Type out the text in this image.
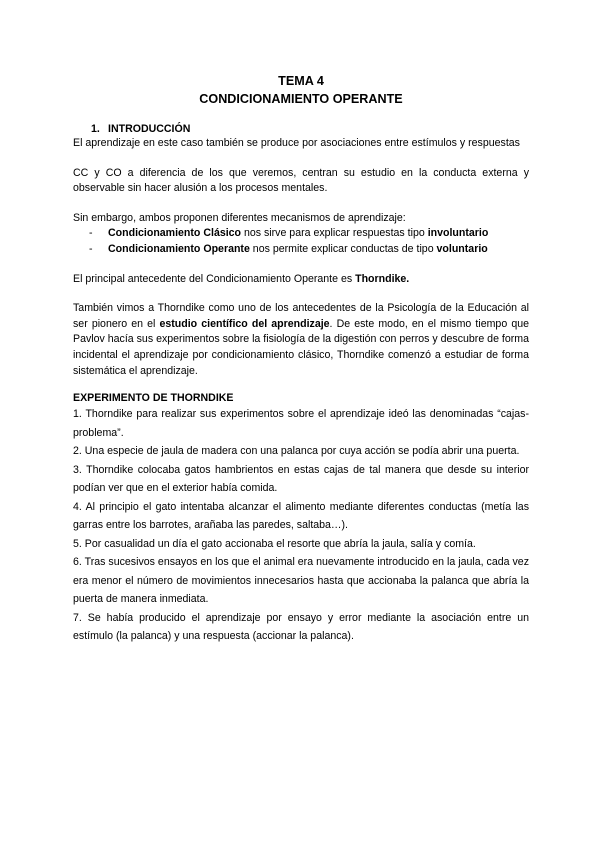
TEMA 4
CONDICIONAMIENTO OPERANTE
1. INTRODUCCIÓN

El aprendizaje en este caso también se produce por asociaciones entre estímulos y respuestas

CC y CO a diferencia de los que veremos, centran su estudio en la conducta externa y observable sin hacer alusión a los procesos mentales.

Sin embargo, ambos proponen diferentes mecanismos de aprendizaje:

- Condicionamiento Clásico nos sirve para explicar respuestas tipo involuntario
- Condicionamiento Operante nos permite explicar conductas de tipo voluntario

El principal antecedente del Condicionamiento Operante es Thorndike.

También vimos a Thorndike como uno de los antecedentes de la Psicología de la Educación al ser pionero en el estudio científico del aprendizaje. De este modo, en el mismo tiempo que Pavlov hacía sus experimentos sobre la fisiología de la digestión con perros y descubre de forma incidental el aprendizaje por condicionamiento clásico, Thorndike comenzó a estudiar de forma sistemática el aprendizaje.

EXPERIMENTO DE THORNDIKE

1. Thorndike para realizar sus experimentos sobre el aprendizaje ideó las denominadas “cajas-problema”.

2. Una especie de jaula de madera con una palanca por cuya acción se podía abrir una puerta.

3. Thorndike colocaba gatos hambrientos en estas cajas de tal manera que desde su interior podían ver que en el exterior había comida.

4. Al principio el gato intentaba alcanzar el alimento mediante diferentes conductas (metía las garras entre los barrotes, arañaba las paredes, saltaba…).

5. Por casualidad un día el gato accionaba el resorte que abría la jaula, salía y comía.

6. Tras sucesivos ensayos en los que el animal era nuevamente introducido en la jaula, cada vez era menor el número de movimientos innecesarios hasta que accionaba la palanca que abría la puerta de manera inmediata.

7. Se había producido el aprendizaje por ensayo y error mediante la asociación entre un estímulo (la palanca) y una respuesta (accionar la palanca).
